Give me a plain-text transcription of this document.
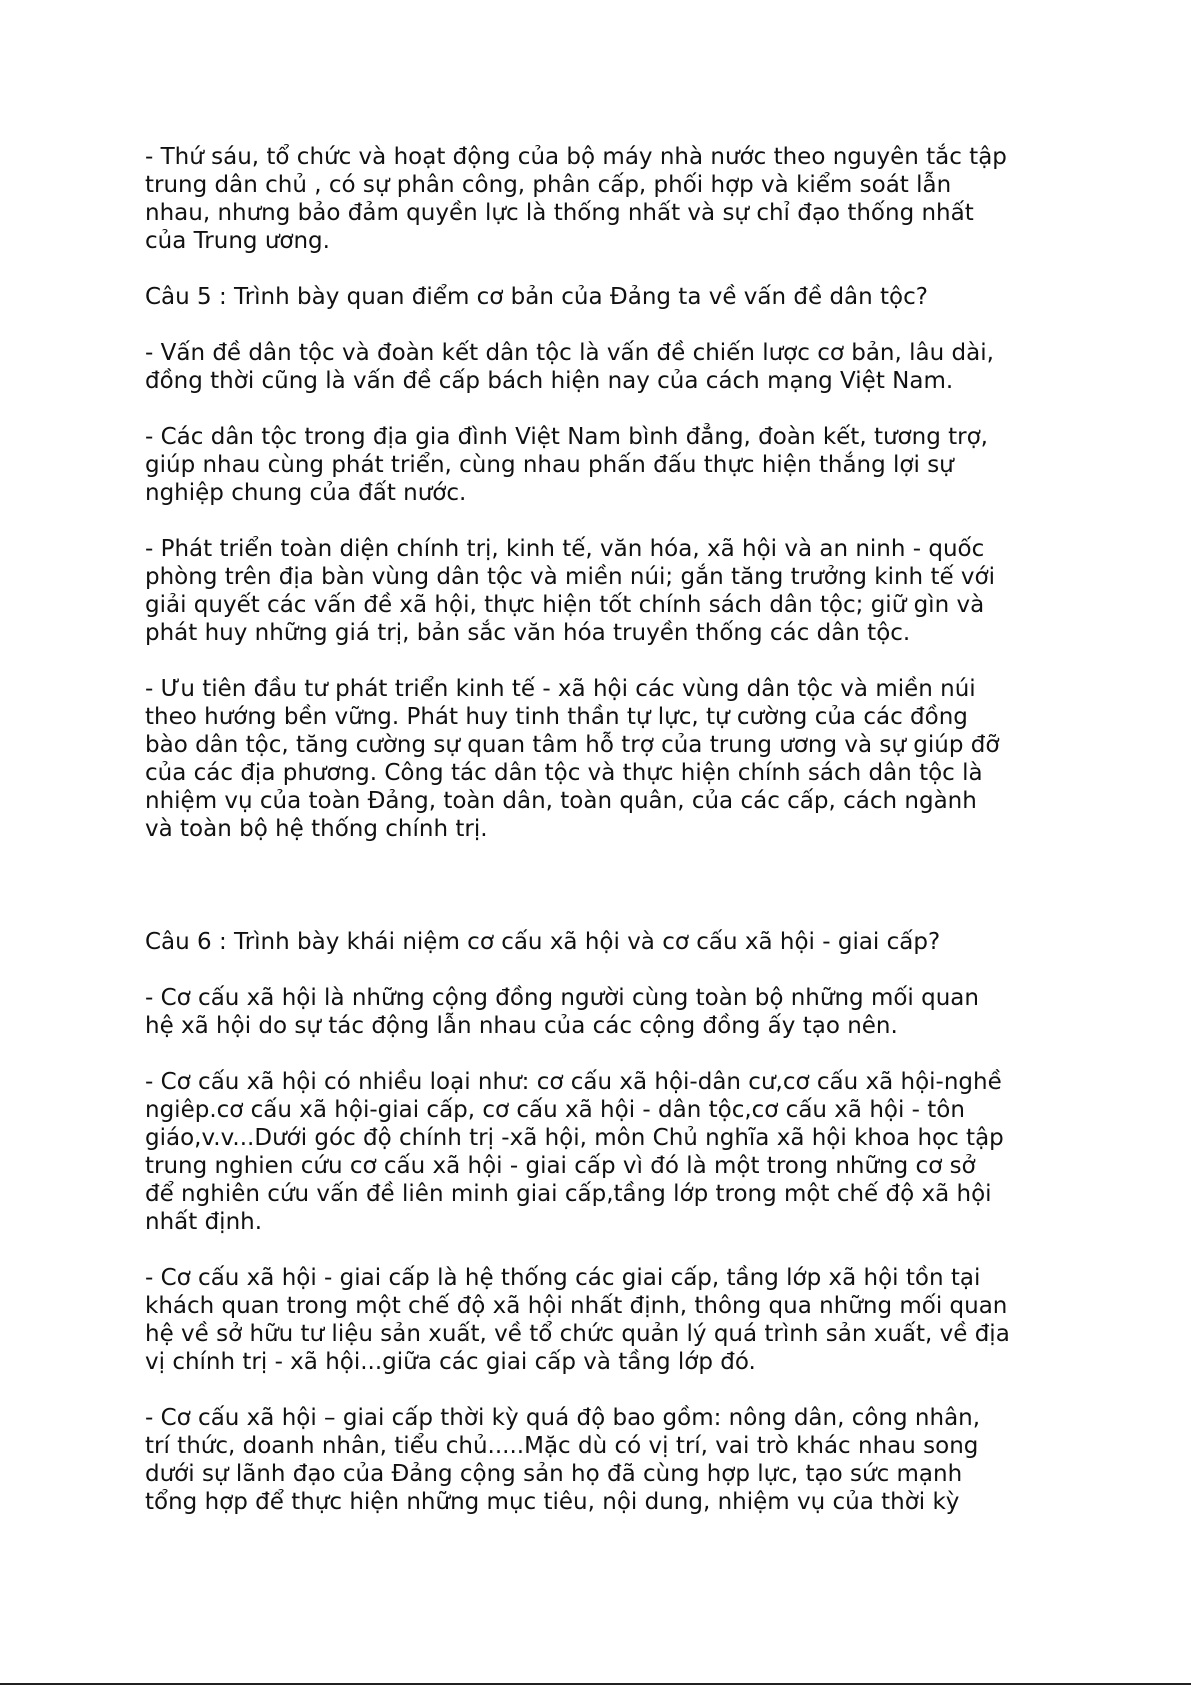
- Thứ sáu, tổ chức và hoạt động của bộ máy nhà nước theo nguyên tắc tập
trung dân chủ , có sự phân công, phân cấp, phối hợp và kiểm soát lẫn
nhau, nhưng bảo đảm quyền lực là thống nhất và sự chỉ đạo thống nhất
của Trung ương.

Câu 5 : Trình bày quan điểm cơ bản của Đảng ta về vấn đề dân tộc?

- Vấn đề dân tộc và đoàn kết dân tộc là vấn đề chiến lược cơ bản, lâu dài,
đồng thời cũng là vấn đề cấp bách hiện nay của cách mạng Việt Nam.

- Các dân tộc trong địa gia đình Việt Nam bình đẳng, đoàn kết, tương trợ,
giúp nhau cùng phát triển, cùng nhau phấn đấu thực hiện thắng lợi sự
nghiệp chung của đất nước.

- Phát triển toàn diện chính trị, kinh tế, văn hóa, xã hội và an ninh - quốc
phòng trên địa bàn vùng dân tộc và miền núi; gắn tăng trưởng kinh tế với
giải quyết các vấn đề xã hội, thực hiện tốt chính sách dân tộc; giữ gìn và
phát huy những giá trị, bản sắc văn hóa truyền thống các dân tộc.

- Ưu tiên đầu tư phát triển kinh tế - xã hội các vùng dân tộc và miền núi
theo hướng bền vững. Phát huy tinh thần tự lực, tự cường của các đồng
bào dân tộc, tăng cường sự quan tâm hỗ trợ của trung ương và sự giúp đỡ
của các địa phương. Công tác dân tộc và thực hiện chính sách dân tộc là
nhiệm vụ của toàn Đảng, toàn dân, toàn quân, của các cấp, cách ngành
và toàn bộ hệ thống chính trị.

Câu 6 : Trình bày khái niệm cơ cấu xã hội và cơ cấu xã hội - giai cấp?

- Cơ cấu xã hội là những cộng đồng người cùng toàn bộ những mối quan
hệ xã hội do sự tác động lẫn nhau của các cộng đồng ấy tạo nên.

- Cơ cấu xã hội có nhiều loại như: cơ cấu xã hội-dân cư,cơ cấu xã hội-nghề
ngiêp.cơ cấu xã hội-giai cấp, cơ cấu xã hội - dân tộc,cơ cấu xã hội - tôn
giáo,v.v...Dưới góc độ chính trị -xã hội, môn Chủ nghĩa xã hội khoa học tập
trung nghien cứu cơ cấu xã hội - giai cấp vì đó là một trong những cơ sở
để nghiên cứu vấn đề liên minh giai cấp,tầng lớp trong một chế độ xã hội
nhất định.

- Cơ cấu xã hội - giai cấp là hệ thống các giai cấp, tầng lớp xã hội tồn tại
khách quan trong một chế độ xã hội nhất định, thông qua những mối quan
hệ về sở hữu tư liệu sản xuất, về tổ chức quản lý quá trình sản xuất, về địa
vị chính trị - xã hội...giữa các giai cấp và tầng lớp đó.

- Cơ cấu xã hội – giai cấp thời kỳ quá độ bao gồm: nông dân, công nhân,
trí thức, doanh nhân, tiểu chủ.....Mặc dù có vị trí, vai trò khác nhau song
dưới sự lãnh đạo của Đảng cộng sản họ đã cùng hợp lực, tạo sức mạnh
tổng hợp để thực hiện những mục tiêu, nội dung, nhiệm vụ của thời kỳ
